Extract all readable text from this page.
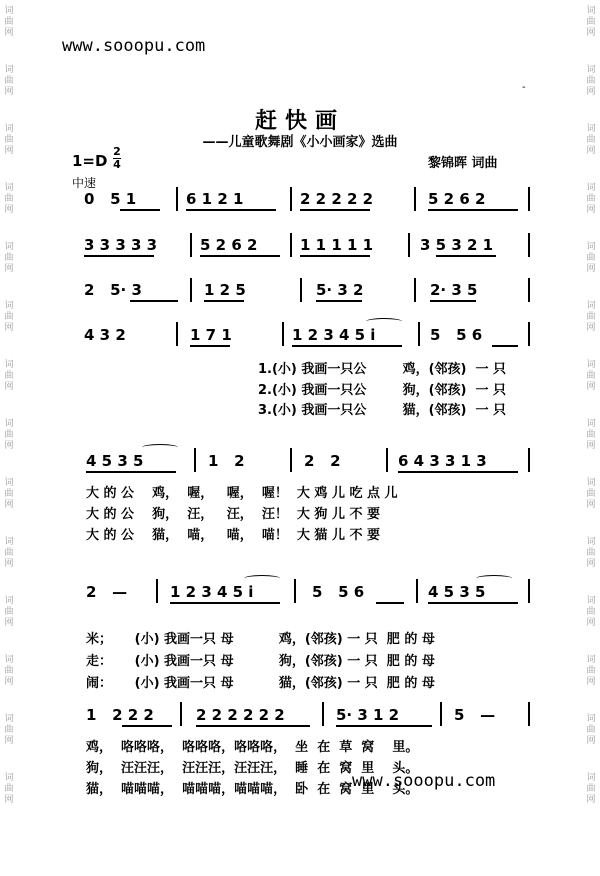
词
曲
网
词
曲
网
词
曲
网
词
曲
网
词
曲
网
词
曲
网
词
曲
网
词
曲
网
词
曲
网
词
曲
网
词
曲
网
词
曲
网
词
曲
网
词
曲
网
词
曲
网
词
曲
网
词
曲
网
词
曲
网
词
曲
网
词
曲
网
词
曲
网
词
曲
网
词
曲
网
词
曲
网
词
曲
网
词
曲
网
词
曲
网
词
曲
网
www.sooopu.com
-
赶快画
——儿童歌舞剧《小小画家》选曲
1=D
2
4	黎锦晖 词曲
中速
0   5 1	6 1 2 1	2 2 2 2 2	5 2 6 2
3 3 3 3 3	5 2 6 2	1 1 1 1 1	3 5 3 2 1
2   5· 3	1 2 5	5· 3 2	2· 3 5
4 3 2	1 7 1	1 2 3 4 5 i	5   5 6
1.(小) 我画一只公        鸡，(邻孩)  一 只
2.(小) 我画一只公        狗，(邻孩)  一 只
3.(小) 我画一只公        猫，(邻孩)  一 只
4 5 3 5	1   2	2   2	6 4 3 3 1 3
大 的 公    鸡，  喔，   喔，  喔！  大 鸡 儿 吃 点 儿
大 的 公    狗，  汪，   汪，  汪！  大 狗 儿 不 要
大 的 公    猫，  喵，   喵，  喵！  大 猫 儿 不 要
2   —	1 2 3 4 5 i	5   5 6	4 5 3 5
米；     (小) 我画一只 母          鸡，(邻孩) 一 只  肥 的 母
走：     (小) 我画一只 母          狗，(邻孩) 一 只  肥 的 母
闹：     (小) 我画一只 母          猫，(邻孩) 一 只  肥 的 母
1   2 2 2	2 2 2 2 2 2	5· 3 1 2	5   —
鸡，  咯咯咯，  咯咯咯，咯咯咯，  坐  在  草  窝    里。
狗，  汪汪汪，  汪汪汪，汪汪汪，  睡  在  窝  里    头。
猫，  喵喵喵，  喵喵喵，喵喵喵，  卧  在  窝  里    头。
www.sooopu.com
